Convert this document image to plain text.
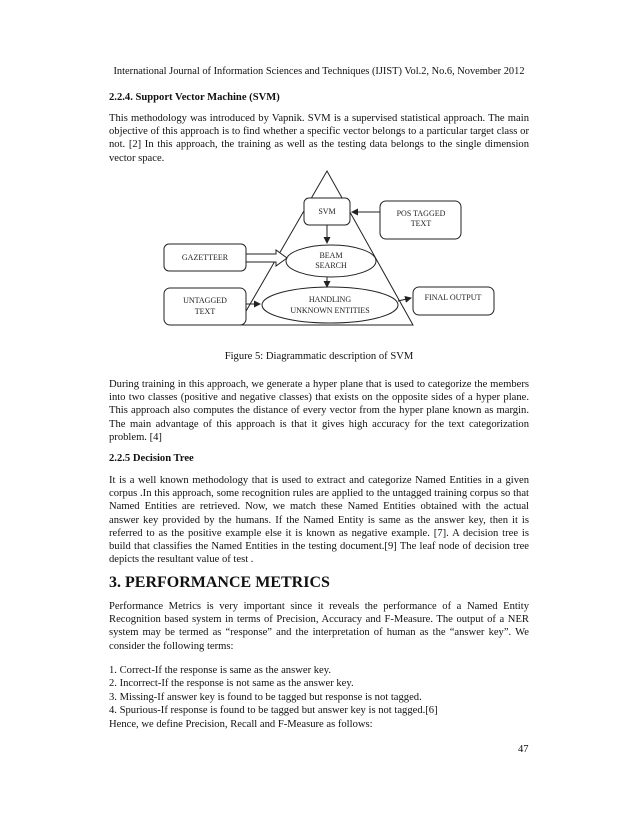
International Journal of Information Sciences and Techniques (IJIST) Vol.2, No.6, November 2012
2.2.4. Support Vector Machine (SVM)

This methodology was introduced by Vapnik. SVM is a supervised statistical approach. The main objective of this approach is to find whether a specific vector belongs to a particular target class or not. [2] In this approach, the training as well as the testing data belongs to the single dimension vector space.

SVM	POS TAGGED
TEXT
BEAM
SEARCH
GAZETTEER
HANDLING
UNKNOWN ENTITIES
UNTAGGED
TEXT
FINAL OUTPUT
Figure 5: Diagrammatic description of SVM

During training in this approach, we generate a hyper plane that is used to categorize the members into two classes (positive and negative classes) that exists on the opposite sides of a hyper plane. This approach also computes the distance of every vector from the hyper plane known as margin. The main advantage of this approach is that it gives high accuracy for the text categorization problem. [4]

2.2.5 Decision Tree

It is a well known methodology that is used to extract and categorize Named Entities in a given corpus .In this approach, some recognition rules are applied to the untagged training corpus so that Named Entities are retrieved. Now, we match these Named Entities obtained with the actual answer key provided by the humans. If the Named Entity is same as the answer key, then it is referred to as the positive example else it is known as negative example. [7]. A decision tree is build that classifies the Named Entities in the testing document.[9] The leaf node of decision tree depicts the resultant value of test .

3. PERFORMANCE METRICS

Performance Metrics is very important since it reveals the performance of a Named Entity Recognition based system in terms of Precision, Accuracy and F-Measure. The output of a NER system may be termed as “response” and the interpretation of human as the “answer key”. We consider the following terms:

1. Correct-If the response is same as the answer key.
2. Incorrect-If the response is not same as the answer key.
3. Missing-If answer key is found to be tagged but response is not tagged.
4. Spurious-If response is found to be tagged but answer key is not tagged.[6]
Hence, we define Precision, Recall and F-Measure as follows:
47
